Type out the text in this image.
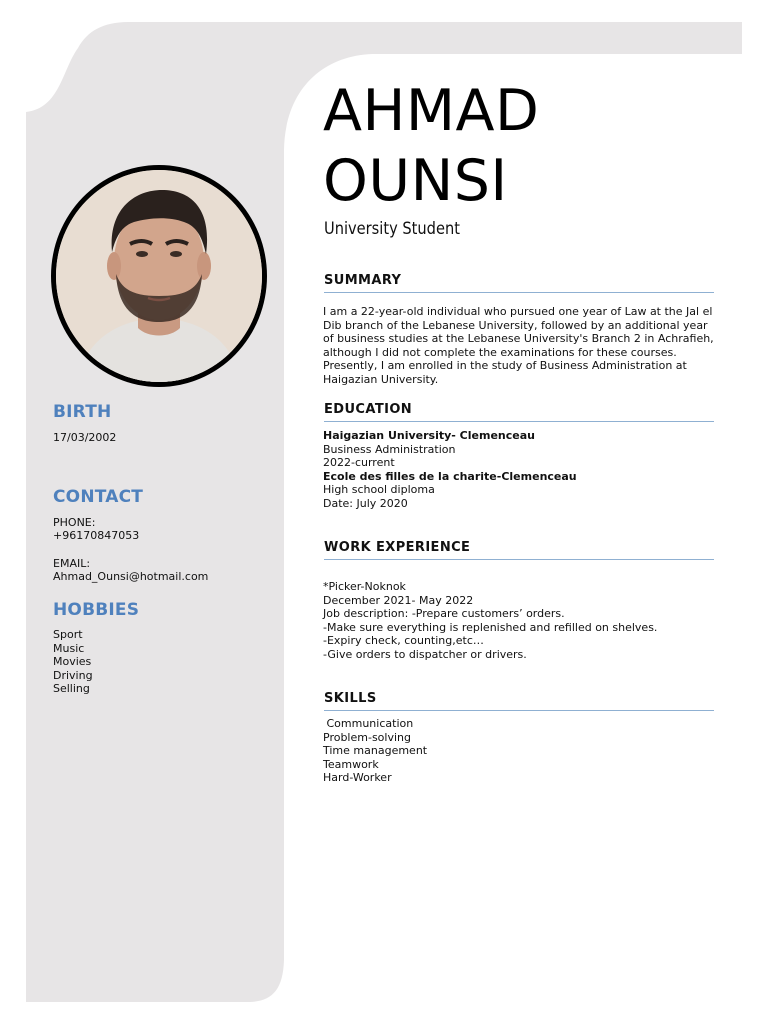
BIRTH
17/03/2002
CONTACT
PHONE:
+96170847053
EMAIL:
Ahmad_Ounsi@hotmail.com
HOBBIES
Sport
Music
Movies
Driving
Selling
AHMAD
OUNSI
University Student
SUMMARY

I am a 22-year-old individual who pursued one year of Law at the Jal el Dib branch of the Lebanese University, followed by an additional year of business studies at the Lebanese University's Branch 2 in Achrafieh, although I did not complete the examinations for these courses. Presently, I am enrolled in the study of Business Administration at Haigazian University.

EDUCATION

Haigazian University- Clemenceau

Business Administration

2022-current

Ecole des filles de la charite-Clemenceau

High school diploma

Date: July 2020

WORK EXPERIENCE
*Picker-Noknok
December 2021- May 2022
Job description: -Prepare customers’ orders.
-Make sure everything is replenished and refilled on shelves.
-Expiry check, counting,etc…
-Give orders to dispatcher or drivers.
SKILLS
Communication
Problem-solving
Time management
Teamwork
Hard-Worker
